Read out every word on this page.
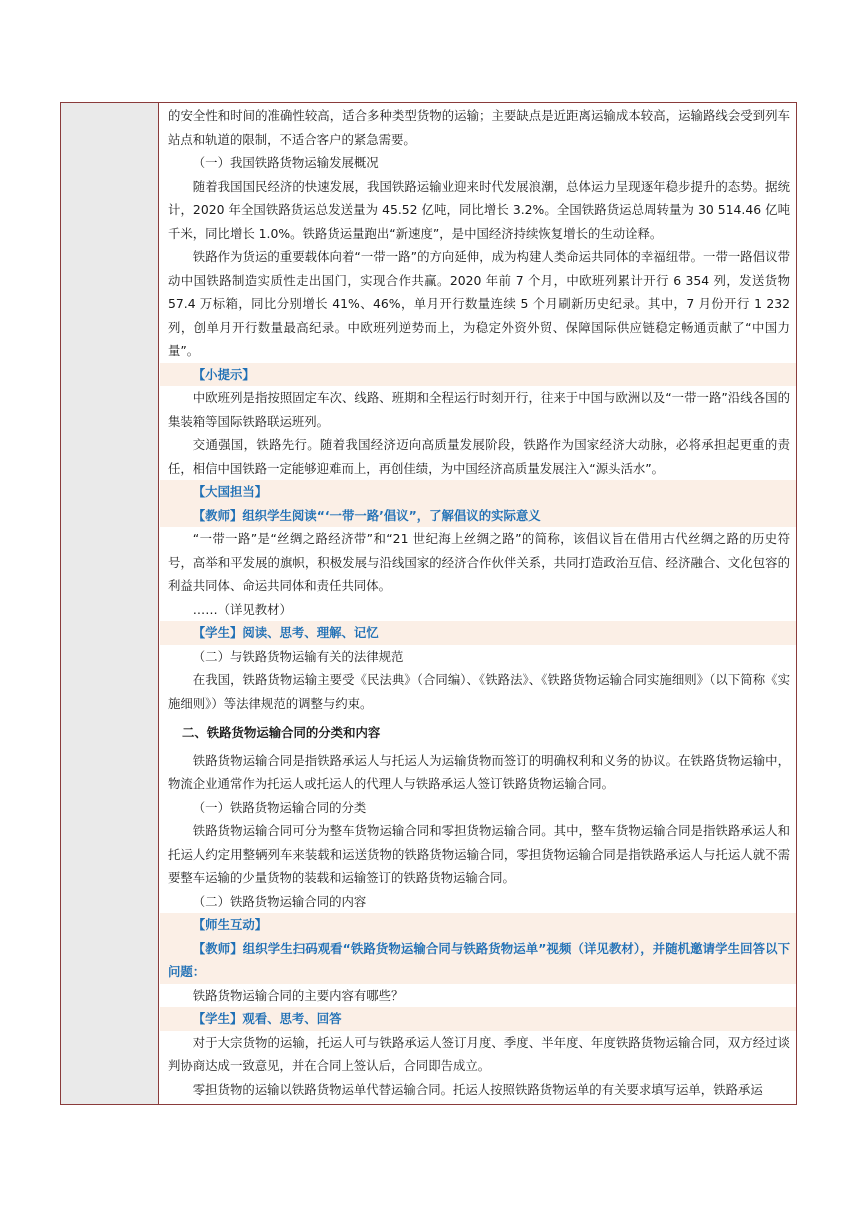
的安全性和时间的准确性较高，适合多种类型货物的运输；主要缺点是近距离运输成本较高，运输路线会受到列车站点和轨道的限制，不适合客户的紧急需要。

（一）我国铁路货物运输发展概况

随着我国国民经济的快速发展，我国铁路运输业迎来时代发展浪潮，总体运力呈现逐年稳步提升的态势。据统计，2020 年全国铁路货运总发送量为 45.52 亿吨，同比增长 3.2%。全国铁路货运总周转量为 30 514.46 亿吨千米，同比增长 1.0%。铁路货运量跑出“新速度”，是中国经济持续恢复增长的生动诠释。

铁路作为货运的重要载体向着“一带一路”的方向延伸，成为构建人类命运共同体的幸福纽带。一带一路倡议带动中国铁路制造实质性走出国门，实现合作共赢。2020 年前 7 个月，中欧班列累计开行 6 354 列，发送货物 57.4 万标箱，同比分别增长 41%、46%，单月开行数量连续 5 个月刷新历史纪录。其中，7 月份开行 1 232 列，创单月开行数量最高纪录。中欧班列逆势而上，为稳定外资外贸、保障国际供应链稳定畅通贡献了“中国力量”。

【小提示】

中欧班列是指按照固定车次、线路、班期和全程运行时刻开行，往来于中国与欧洲以及“一带一路”沿线各国的集装箱等国际铁路联运班列。

交通强国，铁路先行。随着我国经济迈向高质量发展阶段，铁路作为国家经济大动脉，必将承担起更重的责任，相信中国铁路一定能够迎难而上，再创佳绩，为中国经济高质量发展注入“源头活水”。

【大国担当】

【教师】组织学生阅读“‘一带一路’倡议”，了解倡议的实际意义

“一带一路”是“丝绸之路经济带”和“21 世纪海上丝绸之路”的简称，该倡议旨在借用古代丝绸之路的历史符号，高举和平发展的旗帜，积极发展与沿线国家的经济合作伙伴关系，共同打造政治互信、经济融合、文化包容的利益共同体、命运共同体和责任共同体。

……（详见教材）

【学生】阅读、思考、理解、记忆

（二）与铁路货物运输有关的法律规范

在我国，铁路货物运输主要受《民法典》（合同编）、《铁路法》、《铁路货物运输合同实施细则》（以下简称《实施细则》）等法律规范的调整与约束。

二、铁路货物运输合同的分类和内容

铁路货物运输合同是指铁路承运人与托运人为运输货物而签订的明确权利和义务的协议。在铁路货物运输中，物流企业通常作为托运人或托运人的代理人与铁路承运人签订铁路货物运输合同。

（一）铁路货物运输合同的分类

铁路货物运输合同可分为整车货物运输合同和零担货物运输合同。其中，整车货物运输合同是指铁路承运人和托运人约定用整辆列车来装载和运送货物的铁路货物运输合同，零担货物运输合同是指铁路承运人与托运人就不需要整车运输的少量货物的装载和运输签订的铁路货物运输合同。

（二）铁路货物运输合同的内容

【师生互动】

【教师】组织学生扫码观看“铁路货物运输合同与铁路货物运单”视频（详见教材），并随机邀请学生回答以下问题：

铁路货物运输合同的主要内容有哪些？

【学生】观看、思考、回答

对于大宗货物的运输，托运人可与铁路承运人签订月度、季度、半年度、年度铁路货物运输合同，双方经过谈判协商达成一致意见，并在合同上签认后，合同即告成立。

零担货物的运输以铁路货物运单代替运输合同。托运人按照铁路货物运单的有关要求填写运单，铁路承运
